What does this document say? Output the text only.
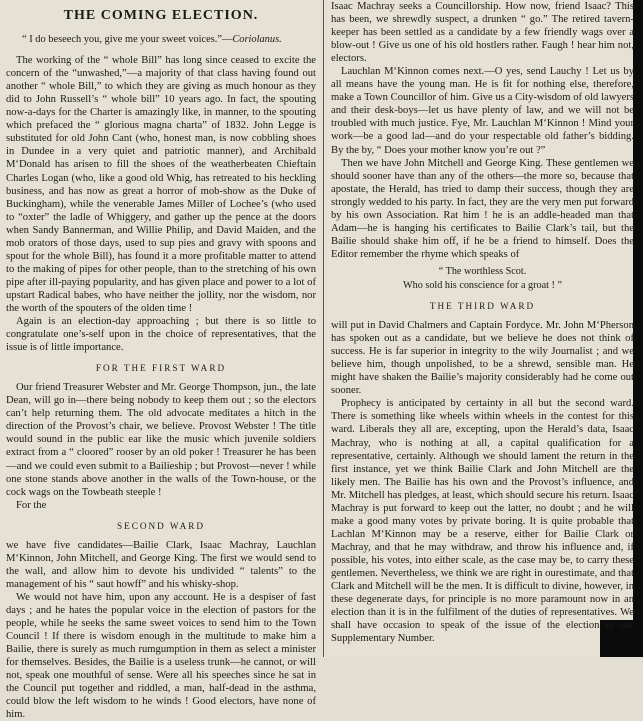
THE COMING ELECTION.
“ I do beseech you, give me your sweet voices.”—Coriolanus.

The working of the “ whole Bill” has long since ceased to excite the concern of the “unwashed,”—a majority of that class having found out another “ whole Bill,” to which they are giving as much honour as they did to John Russell’s “ whole bill” 10 years ago. In fact, the spouting now-a-days for the Charter is amazingly like, in manner, to the spouting which prefaced the “ glorious magna charta” of 1832. John Legge is substituted for old John Cant (who, honest man, is now cobbling shoes in Dundee in a very quiet and patriotic manner), and Archibald M‘Donald has arisen to fill the shoes of the weatherbeaten Chieftain Charles Logan (who, like a good old Whig, has retreated to his heckling business, and has now as great a horror of mob-show as the Duke of Buckingham), while the venerable James Miller of Lochee’s (who used to “oxter” the ladle of Whiggery, and gather up the pence at the doors when Sandy Bannerman, and Willie Philip, and David Maiden, and the mob orators of those days, used to sup pies and gravy with spoons and spout for the whole Bill), has found it a more profitable matter to attend to the making of pipes for other people, than to the stretching of his own pipe after ill-paying popularity, and has given place and power to a lot of upstart Radical babes, who have neither the jollity, nor the wisdom, nor the worth of the spouters of the olden time !

Again is an election-day approaching ; but there is so little to congratulate one’s-self upon in the choice of representatives, that the issue is of little importance.

FOR THE FIRST WARD

Our friend Treasurer Webster and Mr. George Thompson, jun., the late Dean, will go in—there being nobody to keep them out ; so the electors can’t help returning them. The old advocate meditates a hitch in the direction of the Provost’s chair, we believe. Provost Webster ! The title would sound in the public ear like the music which juvenile soldiers extract from a “ cloored” rooser by an old poker ! Treasurer he has been—and we could even submit to a Bailieship ; but Provost—never ! while one stone stands above another in the walls of the Town-house, or the cock wags on the Towbeath steeple !

For the

SECOND WARD

we have five candidates—Bailie Clark, Isaac Machray, Lauchlan M‘Kinnon, John Mitchell, and George King. The first we would send to the wall, and allow him to devote his undivided “ talents” to the management of his “ saut howff” and his whisky-shop.

We would not have him, upon any account. He is a despiser of fast days ; and he hates the popular voice in the election of pastors for the people, while he seeks the same sweet voices to send him to the Town Council ! If there is wisdom enough in the multitude to make him a Bailie, there is surely as much rumgumption in them as select a minister for themselves. Besides, the Bailie is a useless trunk—he cannot, or will not, speak one mouthful of sense. Were all his speeches since he sat in the Council put together and riddled, a man, half-dead in the asthma, could blow the left wisdom to he winds ! Good electors, have none of him.

Isaac Machray seeks a Councillorship. How now, friend Isaac? This has been, we shrewdly suspect, a drunken “ go.” The retired tavern-keeper has been settled as a candidate by a few friendly wags over a blow-out ! Give us one of his old hostlers rather. Faugh ! hear him not, electors.

Lauchlan M‘Kinnon comes next.—O yes, send Lauchy ! Let us by all means have the young man. He is fit for nothing else, therefore, make a Town Councillor of him. Give us a City-wisdom of old lawyers and their desk-boys—let us have plenty of law, and we will not be troubled with much justice. Fye, Mr. Lauchlan M‘Kinnon ! Mind your work—be a good lad—and do your respectable old father’s bidding. By the by, “ Does your mother know you’re out ?”

Then we have John Mitchell and George King. These gentlemen we should sooner have than any of the others—the more so, because that apostate, the Herald, has tried to damp their success, though they are strongly wedded to his party. In fact, they are the very men put forward by his own Association. Rat him ! he is an addle-headed man that Adam—he is hanging his certificates to Bailie Clark’s tail, but the Bailie should shake him off, if he be a friend to himself. Does the Editor remember the rhyme which speaks of

“ The worthless Scot.
Who sold his conscience for a groat ! ”
THE THIRD WARD

will put in David Chalmers and Captain Fordyce. Mr. John M‘Pherson has spoken out as a candidate, but we believe he does not think of success. He is far superior in integrity to the wily Journalist ; and we believe him, though unpolished, to be a shrewd, sensible man. He might have shaken the Bailie’s majority considerably had he come out sooner.

Prophecy is anticipated by certainty in all but the second ward. There is something like wheels within wheels in the contest for this ward. Liberals they all are, excepting, upon the Herald’s data, Isaac Machray, who is nothing at all, a capital qualification for a representative, certainly. Although we should lament the return in the first instance, yet we think Bailie Clark and John Mitchell are the likely men. The Bailie has his own and the Provost’s influence, and Mr. Mitchell has pledges, at least, which should secure his return. Isaac Machray is put forward to keep out the latter, no doubt ; and he will make a good many votes by private boring. It is quite probable that Lachlan M‘Kinnon may be a reserve, either for Bailie Clark or Machray, and that he may withdraw, and throw his influence and, if possible, his votes, into either scale, as the case may be, to carry these gentlemen. Nevertheless, we think we are right in ourestimate, and that Clark and Mitchell will be the men. It is difficult to divine, however, in these degenerate days, for principle is no more paramount now in an election than it is in the fulfilment of the duties of representatives. We shall have occasion to speak of the issue of the election in our Supplementary Number.
